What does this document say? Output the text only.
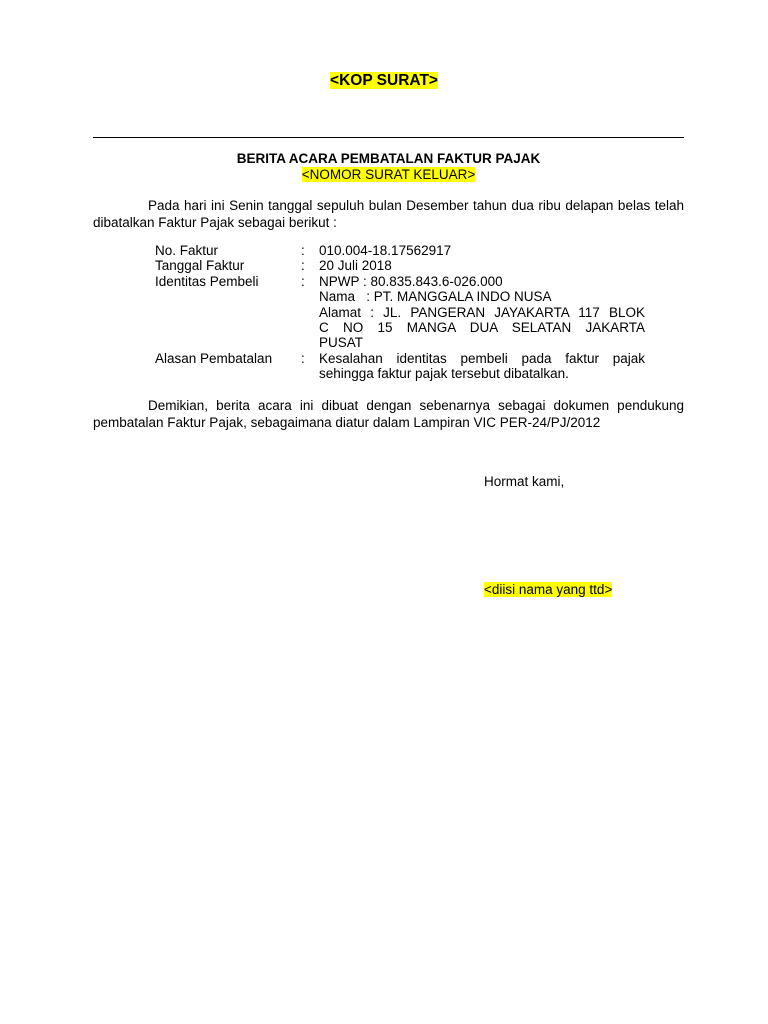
<KOP SURAT>
BERITA ACARA PEMBATALAN FAKTUR PAJAK
<NOMOR SURAT KELUAR>

Pada hari ini Senin tanggal sepuluh bulan Desember tahun dua ribu delapan belas telah dibatalkan Faktur Pajak sebagai berikut :

No. Faktur	:	010.004-18.17562917
Tanggal Faktur	:	20 Juli 2018
Identitas Pembeli	:	NPWP : 80.835.843.6-026.000
Nama   : PT. MANGGALA INDO NUSA
Alamat : JL. PANGERAN JAYAKARTA 117 BLOK
C NO 15 MANGA DUA SELATAN JAKARTA
PUSAT
Alasan Pembatalan	:	Kesalahan identitas pembeli pada faktur pajak
sehingga faktur pajak tersebut dibatalkan.

Demikian, berita acara ini dibuat dengan sebenarnya sebagai dokumen pendukung pembatalan Faktur Pajak, sebagaimana diatur dalam Lampiran VIC PER-24/PJ/2012

Hormat kami,
<diisi nama yang ttd>
